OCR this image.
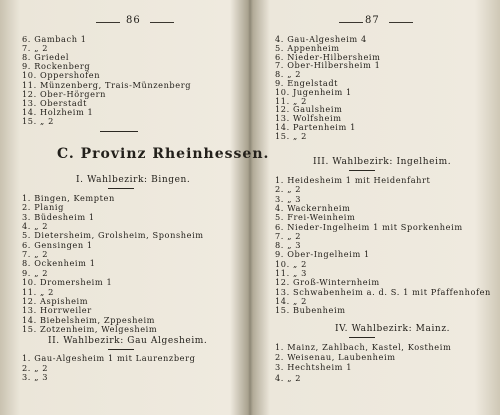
86
6. Gambach 1
7. „ 2
8. Griedel
9. Rockenberg
10. Oppershofen
11. Münzenberg, Trais-Münzenberg
12. Ober-Hörgern
13. Oberstadt
14. Holzheim 1
15. „ 2
C. Provinz Rheinhessen.
I. Wahlbezirk: Bingen.
1. Bingen, Kempten
2. Planig
3. Büdesheim 1
4. „ 2
5. Dietersheim, Grolsheim, Sponsheim
6. Gensingen 1
7. „ 2
8. Ockenheim 1
9. „ 2
10. Dromersheim 1
11. „ 2
12. Aspisheim
13. Horrweiler
14. Biebelsheim, Zppesheim
15. Zotzenheim, Welgesheim
II. Wahlbezirk: Gau Algesheim.
1. Gau-Algesheim 1 mit Laurenzberg
2. „ 2
3. „ 3
87
4. Gau-Algesheim 4
5. Appenheim
6. Nieder-Hilbersheim
7. Ober-Hilbersheim 1
8. „ 2
9. Engelstadt
10. Jugenheim 1
11. „ 2
12. Gaulsheim
13. Wolfsheim
14. Partenheim 1
15. „ 2
III. Wahlbezirk: Ingelheim.
1. Heidesheim 1 mit Heidenfahrt
2. „ 2
3. „ 3
4. Wackernheim
5. Frei-Weinheim
6. Nieder-Ingelheim 1 mit Sporkenheim
7. „ 2
8. „ 3
9. Ober-Ingelheim 1
10. „ 2
11. „ 3
12. Groß-Winternheim
13. Schwabenheim a. d. S. 1 mit Pfaffenhofen
14. „ 2
15. Bubenheim
IV. Wahlbezirk: Mainz.
1. Mainz, Zahlbach, Kastel, Kostheim
2. Weisenau, Laubenheim
3. Hechtsheim 1
4. „ 2
